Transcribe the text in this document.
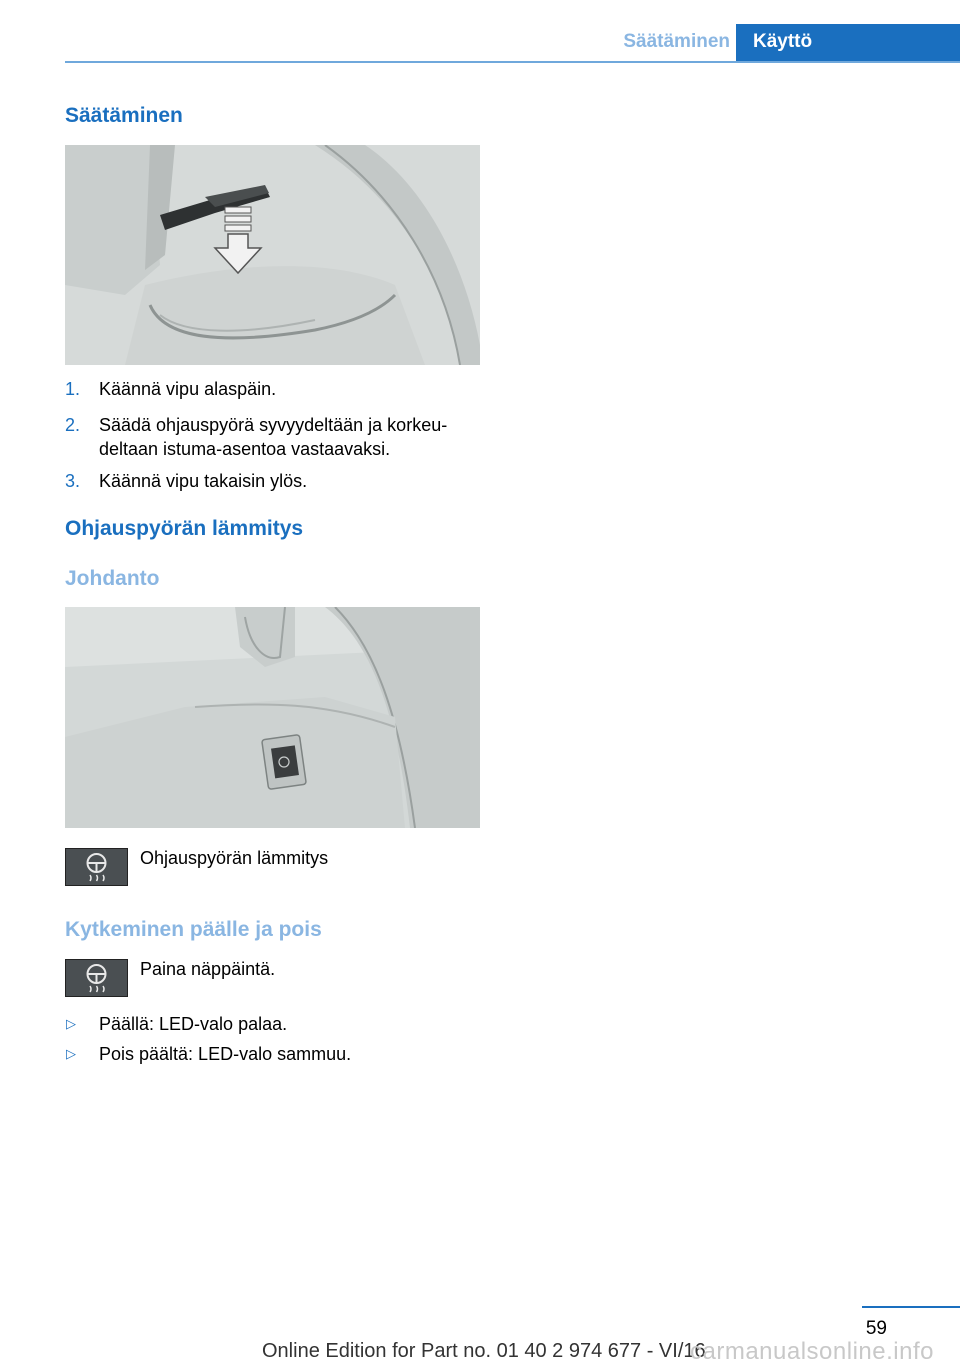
Säätäminen	Käyttö
Säätäminen
1. Käännä vipu alaspäin.
2. Säädä ohjauspyörä syvyydeltään ja korkeu‐
deltaan istuma-asentoa vastaavaksi.
3. Käännä vipu takaisin ylös.
Ohjauspyörän lämmitys
Johdanto
Ohjauspyörän lämmitys
Kytkeminen päälle ja pois
Paina näppäintä.
▷ Päällä: LED-valo palaa.
▷ Pois päältä: LED-valo sammuu.
59
Online Edition for Part no. 01 40 2 974 677 - VI/16
carmanualsonline.info
